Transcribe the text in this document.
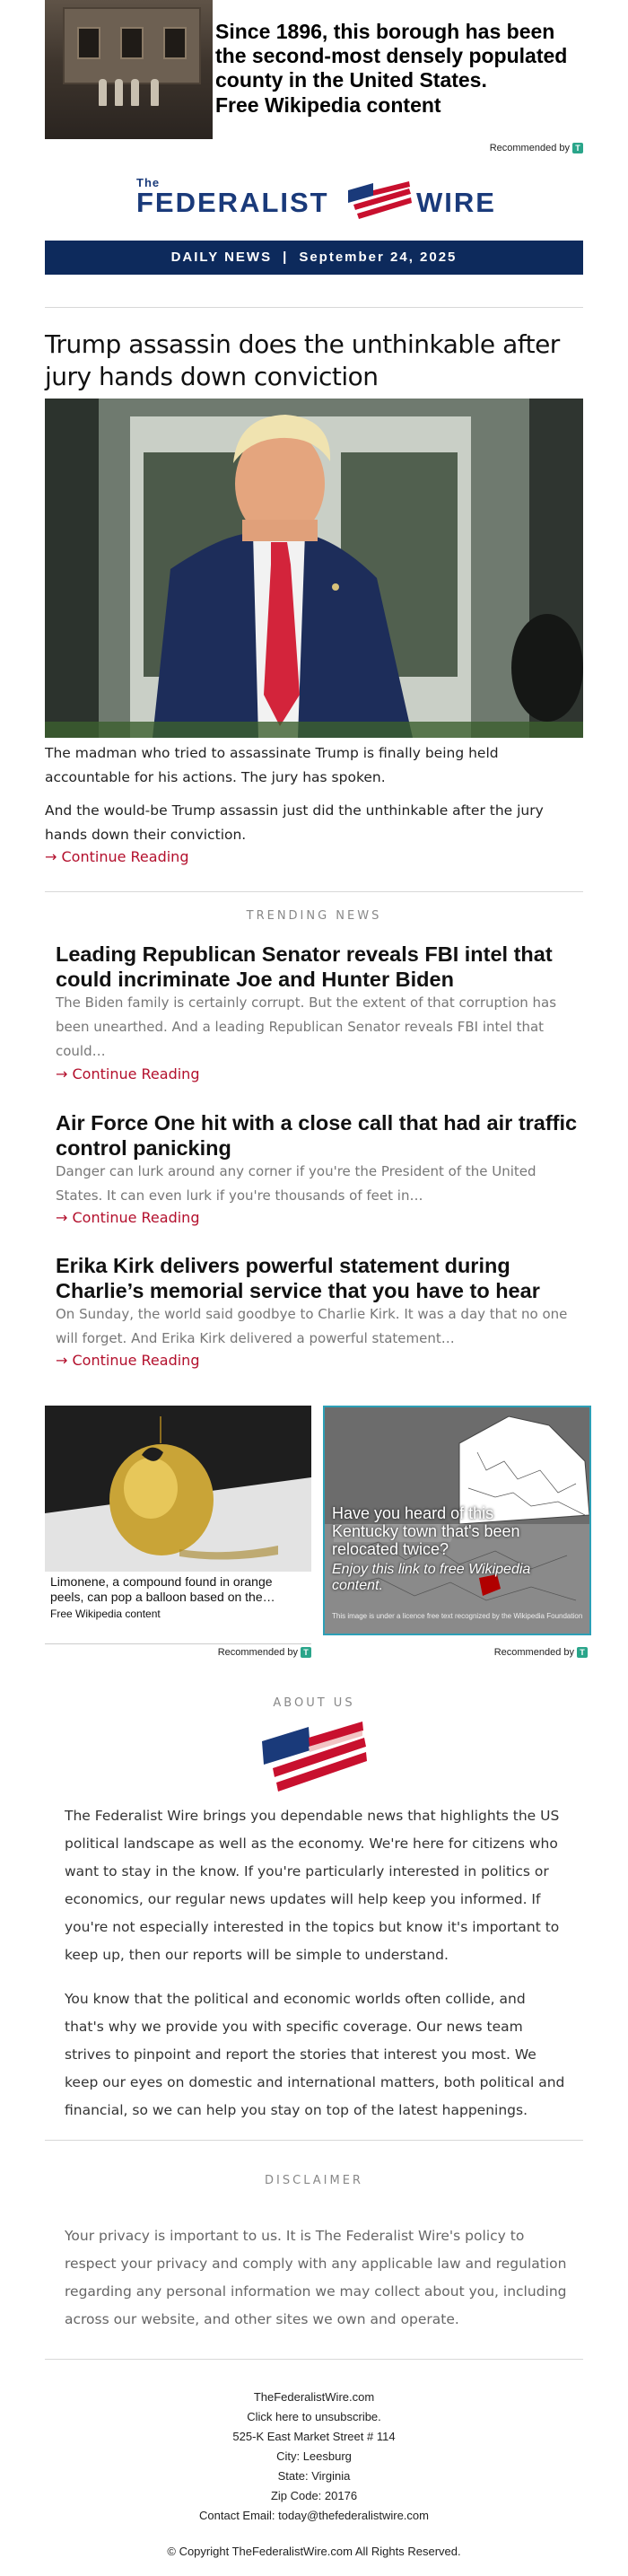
Since 1896, this borough has been the second-most densely populated county in the United States.
Free Wikipedia content
Recommended by T
The
FEDERALIST	WIRE
DAILY NEWS | September 24, 2025
Trump assassin does the unthinkable after jury hands down conviction
The madman who tried to assassinate Trump is finally being held accountable for his actions. The jury has spoken.
And the would-be Trump assassin just did the unthinkable after the jury hands down their conviction.
→ Continue Reading
TRENDING NEWS
Leading Republican Senator reveals FBI intel that could incriminate Joe and Hunter Biden
The Biden family is certainly corrupt. But the extent of that corruption has been unearthed. And a leading Republican Senator reveals FBI intel that could…
→ Continue Reading
Air Force One hit with a close call that had air traffic control panicking
Danger can lurk around any corner if you're the President of the United States. It can even lurk if you're thousands of feet in…
→ Continue Reading
Erika Kirk delivers powerful statement during Charlie’s memorial service that you have to hear
On Sunday, the world said goodbye to Charlie Kirk. It was a day that no one will forget. And Erika Kirk delivered a powerful statement…
→ Continue Reading
Limonene, a compound found in orange peels, can pop a balloon based on the…
Free Wikipedia content
Recommended by T
Have you heard of this Kentucky town that's been relocated twice?
Enjoy this link to free Wikipedia content.
This image is under a licence free text recognized by the Wikipedia Foundation
Recommended by T
ABOUT US
The Federalist Wire brings you dependable news that highlights the US political landscape as well as the economy. We're here for citizens who want to stay in the know. If you're particularly interested in politics or economics, our regular news updates will help keep you informed. If you're not especially interested in the topics but know it's important to keep up, then our reports will be simple to understand.
You know that the political and economic worlds often collide, and that's why we provide you with specific coverage. Our news team strives to pinpoint and report the stories that interest you most. We keep our eyes on domestic and international matters, both political and financial, so we can help you stay on top of the latest happenings.
DISCLAIMER
Your privacy is important to us. It is The Federalist Wire's policy to respect your privacy and comply with any applicable law and regulation regarding any personal information we may collect about you, including across our website, and other sites we own and operate.
TheFederalistWire.com
Click here to unsubscribe.
525-K East Market Street # 114
City: Leesburg
State: Virginia
Zip Code: 20176
Contact Email: today@thefederalistwire.com
© Copyright TheFederalistWire.com All Rights Reserved.
